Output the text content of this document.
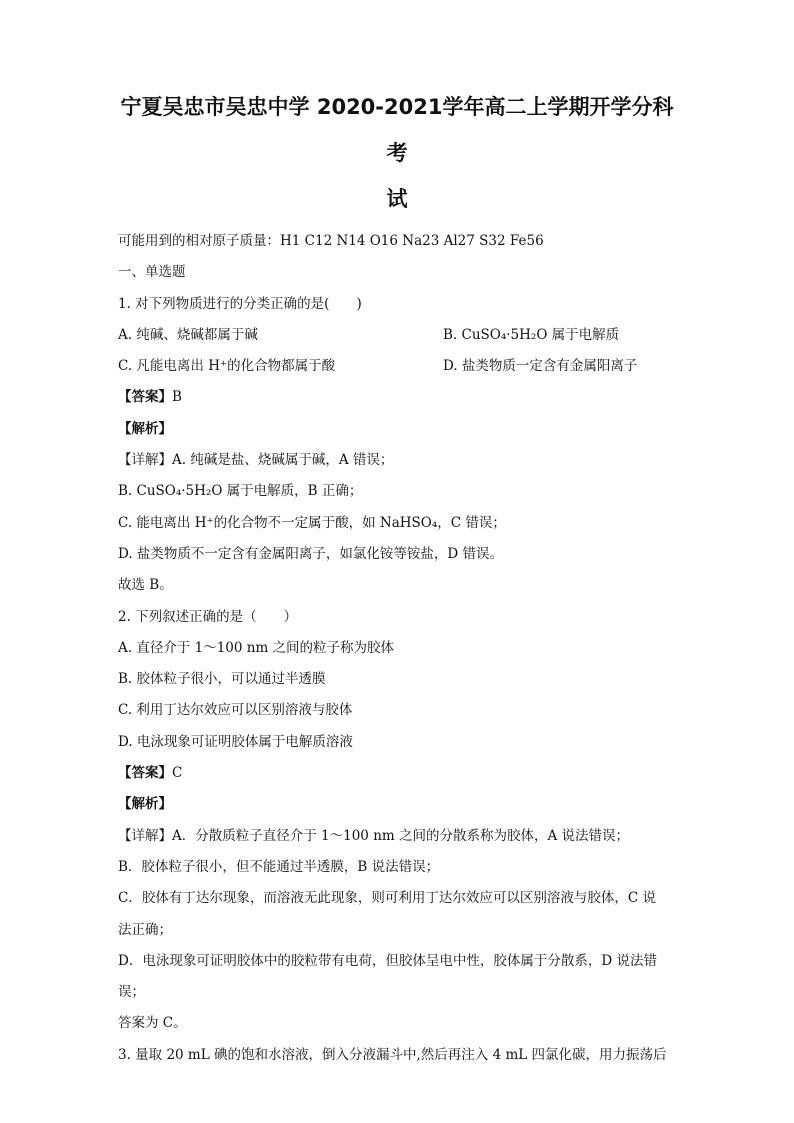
宁夏吴忠市吴忠中学 2020-2021学年高二上学期开学分科考
试
可能用到的相对原子质量：H1 C12 N14 O16 Na23 Al27 S32 Fe56
一、单选题
1. 对下列物质进行的分类正确的是(　　)
A. 纯碱、烧碱都属于碱	B. CuSO₄·5H₂O 属于电解质
C. 凡能电离出 H⁺的化合物都属于酸	D. 盐类物质一定含有金属阳离子
【答案】B
【解析】
【详解】A. 纯碱是盐、烧碱属于碱，A 错误；
B. CuSO₄·5H₂O 属于电解质，B 正确；
C. 能电离出 H⁺的化合物不一定属于酸，如 NaHSO₄，C 错误；
D. 盐类物质不一定含有金属阳离子，如氯化铵等铵盐，D 错误。
故选 B。
2. 下列叙述正确的是（　　）
A. 直径介于 1～100 nm 之间的粒子称为胶体
B. 胶体粒子很小，可以通过半透膜
C. 利用丁达尔效应可以区别溶液与胶体
D. 电泳现象可证明胶体属于电解质溶液
【答案】C
【解析】
【详解】A．分散质粒子直径介于 1～100 nm 之间的分散系称为胶体，A 说法错误；
B．胶体粒子很小，但不能通过半透膜，B 说法错误；
C．胶体有丁达尔现象，而溶液无此现象，则可利用丁达尔效应可以区别溶液与胶体，C 说
法正确；
D．电泳现象可证明胶体中的胶粒带有电荷，但胶体呈电中性，胶体属于分散系，D 说法错
误；
答案为 C。
3. 量取 20 mL 碘的饱和水溶液，倒入分液漏斗中,然后再注入 4 mL 四氯化碳，用力振荡后
